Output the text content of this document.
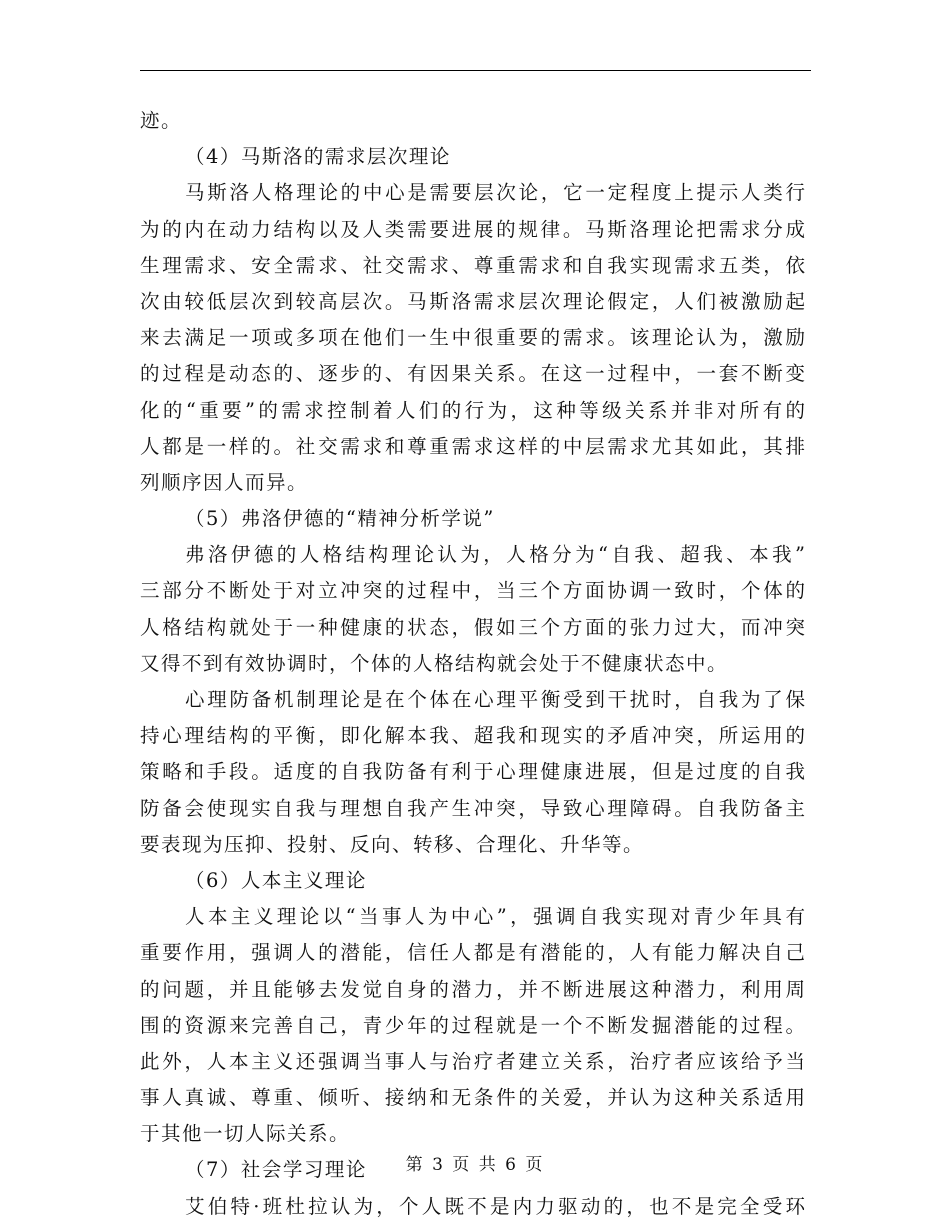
迹。
（4）马斯洛的需求层次理论
马斯洛人格理论的中心是需要层次论，它一定程度上提示人类行
为的内在动力结构以及人类需要进展的规律。马斯洛理论把需求分成
生理需求、安全需求、社交需求、尊重需求和自我实现需求五类，依
次由较低层次到较高层次。马斯洛需求层次理论假定，人们被激励起
来去满足一项或多项在他们一生中很重要的需求。该理论认为，激励
的过程是动态的、逐步的、有因果关系。在这一过程中，一套不断变
化的“重要”的需求控制着人们的行为，这种等级关系并非对所有的
人都是一样的。社交需求和尊重需求这样的中层需求尤其如此，其排
列顺序因人而异。
（5）弗洛伊德的“精神分析学说”
弗洛伊德的人格结构理论认为，人格分为“自我、超我、本我”
三部分不断处于对立冲突的过程中，当三个方面协调一致时，个体的
人格结构就处于一种健康的状态，假如三个方面的张力过大，而冲突
又得不到有效协调时，个体的人格结构就会处于不健康状态中。
心理防备机制理论是在个体在心理平衡受到干扰时，自我为了保
持心理结构的平衡，即化解本我、超我和现实的矛盾冲突，所运用的
策略和手段。适度的自我防备有利于心理健康进展，但是过度的自我
防备会使现实自我与理想自我产生冲突，导致心理障碍。自我防备主
要表现为压抑、投射、反向、转移、合理化、升华等。
（6）人本主义理论
人本主义理论以“当事人为中心”，强调自我实现对青少年具有
重要作用，强调人的潜能，信任人都是有潜能的，人有能力解决自己
的问题，并且能够去发觉自身的潜力，并不断进展这种潜力，利用周
围的资源来完善自己，青少年的过程就是一个不断发掘潜能的过程。
此外，人本主义还强调当事人与治疗者建立关系，治疗者应该给予当
事人真诚、尊重、倾听、接纳和无条件的关爱，并认为这种关系适用
于其他一切人际关系。
（7）社会学习理论
艾伯特·班杜拉认为，个人既不是内力驱动的，也不是完全受环
第 3 页 共 6 页
